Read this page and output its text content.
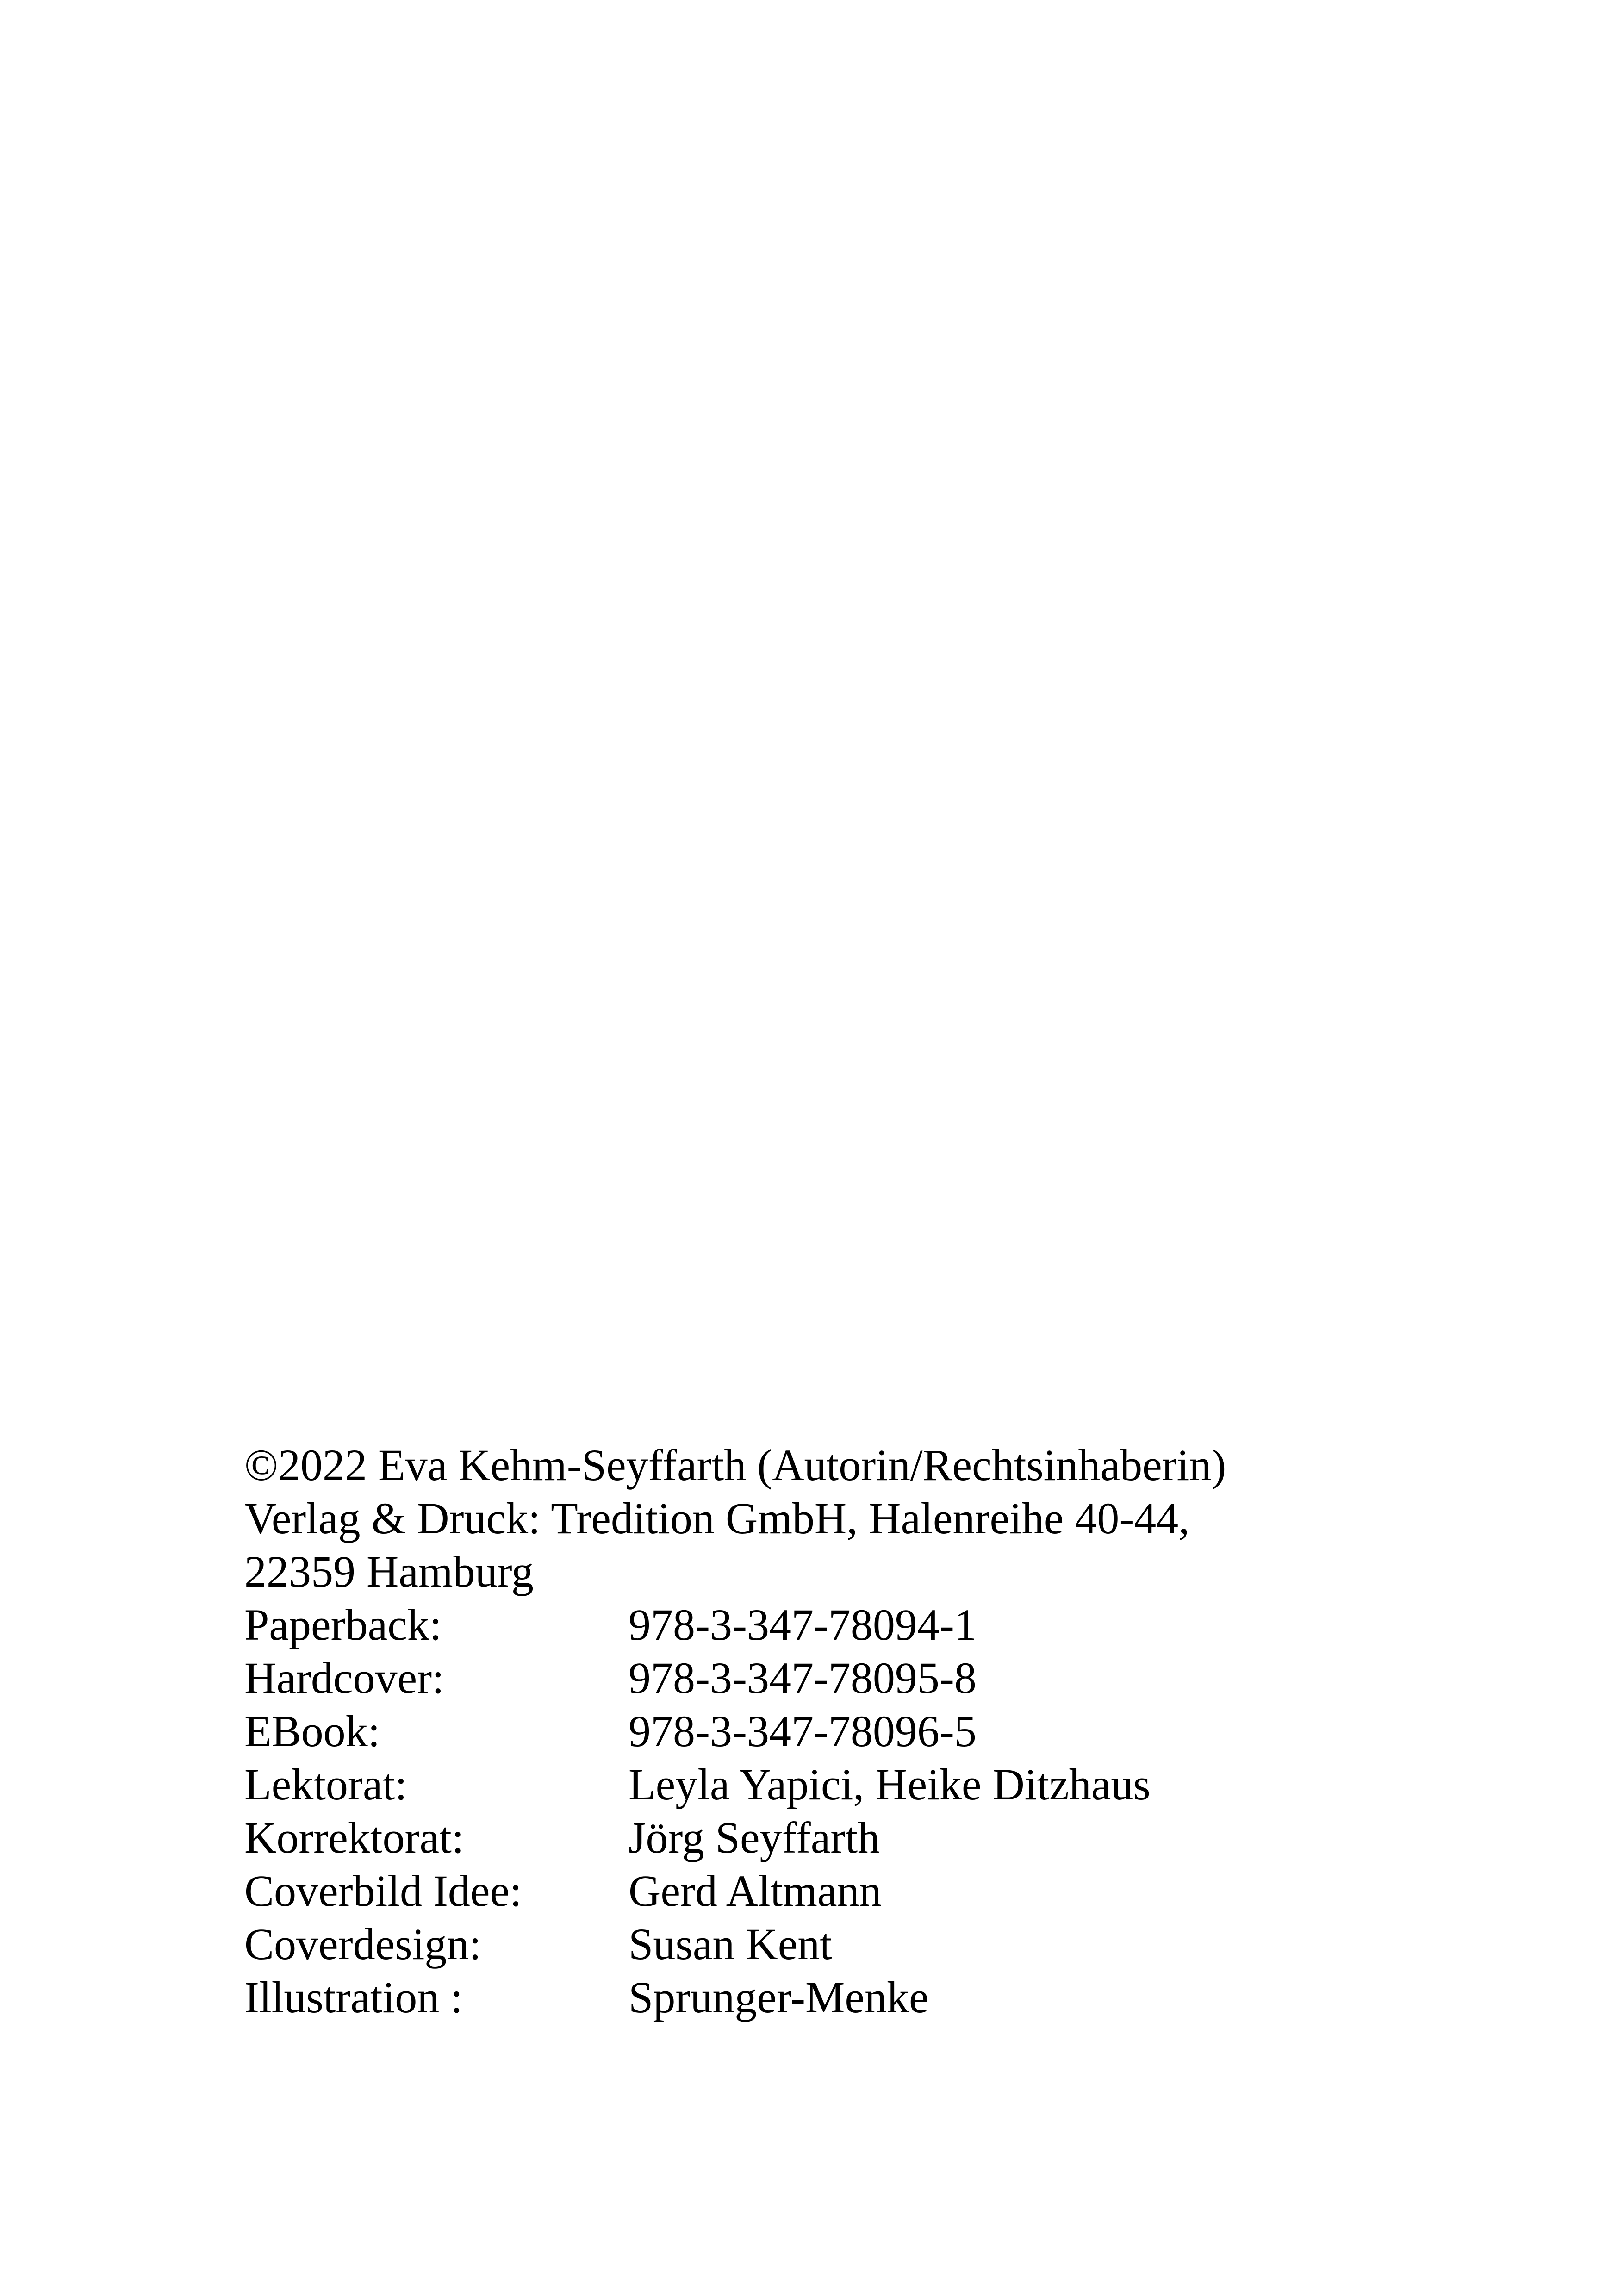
©2022 Eva Kehm-Seyffarth (Autorin/Rechtsinhaberin)
Verlag & Druck: Tredition GmbH, Halenreihe 40-44,
22359 Hamburg
Paperback:	978-3-347-78094-1
Hardcover:	978-3-347-78095-8
EBook:	978-3-347-78096-5
Lektorat:	Leyla Yapici, Heike Ditzhaus
Korrektorat:	Jörg Seyffarth
Coverbild Idee:	Gerd Altmann
Coverdesign:	Susan Kent
Illustration :	Sprunger-Menke
